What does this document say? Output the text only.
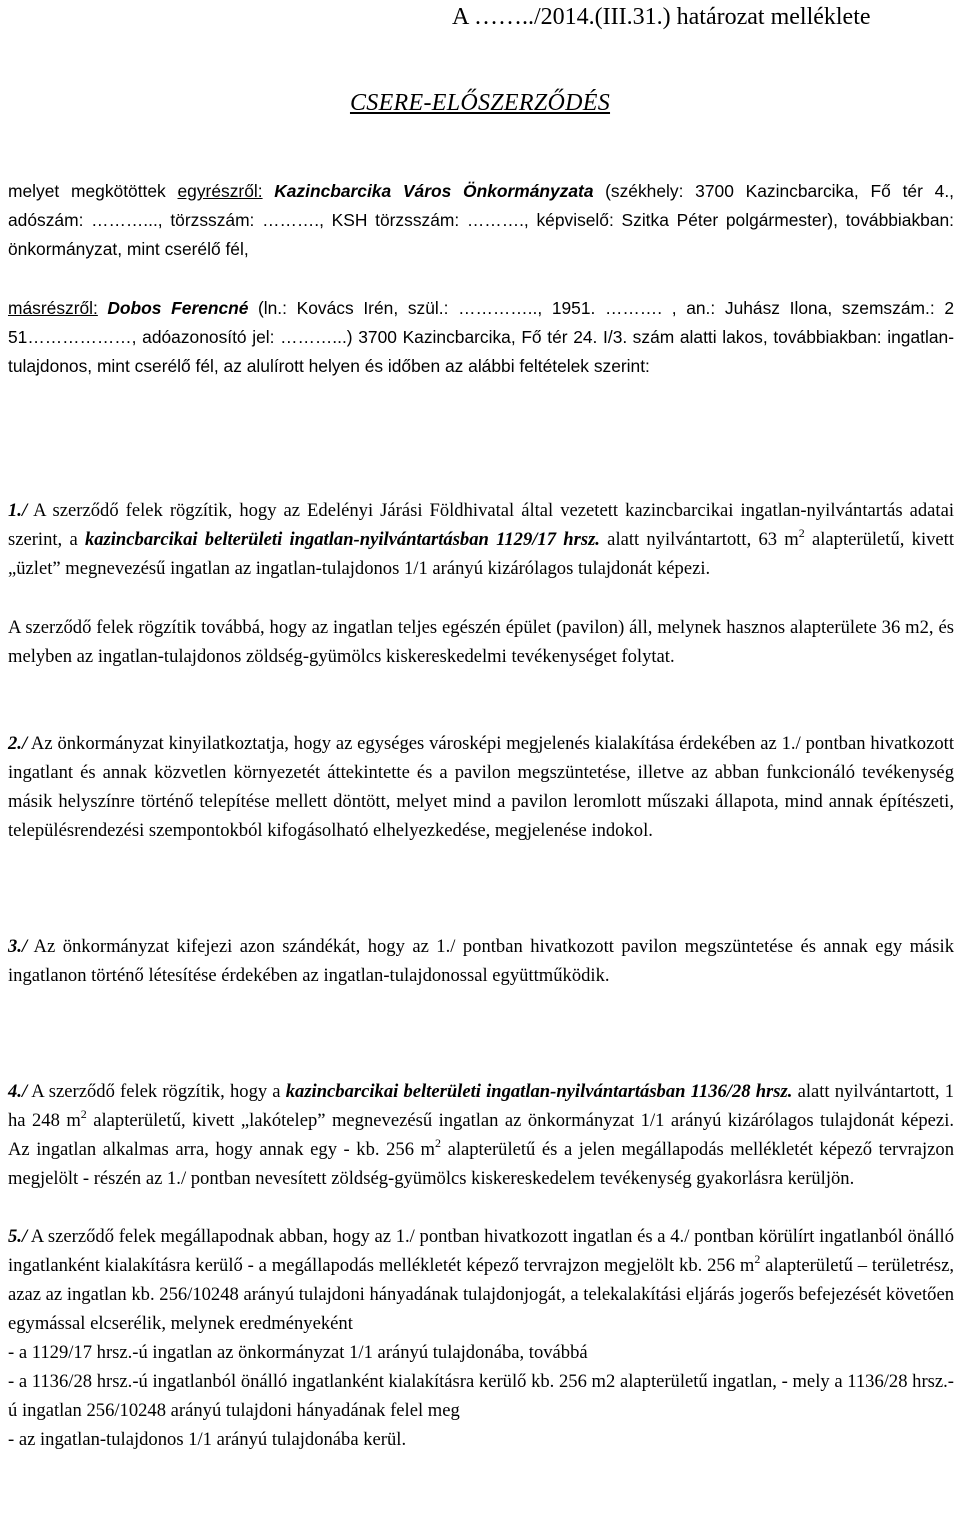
A ……../2014.(III.31.) határozat melléklete
CSERE-ELŐSZERZŐDÉS
melyet megkötöttek egyrészről: Kazincbarcika Város Önkormányzata (székhely: 3700 Kazincbarcika, Fő tér 4., adószám: ………..., törzsszám: ………., KSH törzsszám: ………., képviselő: Szitka Péter polgármester), továbbiakban: önkormányzat, mint cserélő fél,
másrészről: Dobos Ferencné (ln.: Kovács Irén, szül.: ………….., 1951. ………. , an.: Juhász Ilona, szemszám.: 2 51………………, adóazonosító jel: ………...) 3700 Kazincbarcika, Fő tér 24. I/3. szám alatti lakos, továbbiakban: ingatlan-tulajdonos, mint cserélő fél, az alulírott helyen és időben az alábbi feltételek szerint:
1./ A szerződő felek rögzítik, hogy az Edelényi Járási Földhivatal által vezetett kazincbarcikai ingatlan-nyilvántartás adatai szerint, a kazincbarcikai belterületi ingatlan-nyilvántartásban 1129/17 hrsz. alatt nyilvántartott, 63 $m^2$ alapterületű, kivett „üzlet” megnevezésű ingatlan az ingatlan-tulajdonos 1/1 arányú kizárólagos tulajdonát képezi.
A szerződő felek rögzítik továbbá, hogy az ingatlan teljes egészén épület (pavilon) áll, melynek hasznos alapterülete 36 m2, és melyben az ingatlan-tulajdonos zöldség-gyümölcs kiskereskedelmi tevékenységet folytat.
2./ Az önkormányzat kinyilatkoztatja, hogy az egységes városképi megjelenés kialakítása érdekében az 1./ pontban hivatkozott ingatlant és annak közvetlen környezetét áttekintette és a pavilon megszüntetése, illetve az abban funkcionáló tevékenység másik helyszínre történő telepítése mellett döntött, melyet mind a pavilon leromlott műszaki állapota, mind annak építészeti, településrendezési szempontokból kifogásolható elhelyezkedése, megjelenése indokol.
3./ Az önkormányzat kifejezi azon szándékát, hogy az 1./ pontban hivatkozott pavilon megszüntetése és annak egy másik ingatlanon történő létesítése érdekében az ingatlan-tulajdonossal együttműködik.
4./ A szerződő felek rögzítik, hogy a kazincbarcikai belterületi ingatlan-nyilvántartásban 1136/28 hrsz. alatt nyilvántartott, 1 ha 248 $m^2$ alapterületű, kivett „lakótelep” megnevezésű ingatlan az önkormányzat 1/1 arányú kizárólagos tulajdonát képezi. Az ingatlan alkalmas arra, hogy annak egy - kb. 256 $m^2$ alapterületű és a jelen megállapodás mellékletét képező tervrajzon megjelölt - részén az 1./ pontban nevesített zöldség-gyümölcs kiskereskedelem tevékenység gyakorlásra kerüljön.
5./ A szerződő felek megállapodnak abban, hogy az 1./ pontban hivatkozott ingatlan és a 4./ pontban körülírt ingatlanból önálló ingatlanként kialakításra kerülő - a megállapodás mellékletét képező tervrajzon megjelölt kb. 256 $m^2$ alapterületű – területrész, azaz az ingatlan kb. 256/10248 arányú tulajdoni hányadának tulajdonjogát, a telekalakítási eljárás jogerős befejezését követően egymással elcserélik, melynek eredményeként
- a 1129/17 hrsz.-ú ingatlan az önkormányzat 1/1 arányú tulajdonába, továbbá
- a 1136/28 hrsz.-ú ingatlanból önálló ingatlanként kialakításra kerülő kb. 256 m2 alapterületű ingatlan, - mely a 1136/28 hrsz.-ú ingatlan 256/10248 arányú tulajdoni hányadának felel meg
- az ingatlan-tulajdonos 1/1 arányú tulajdonába kerül.
